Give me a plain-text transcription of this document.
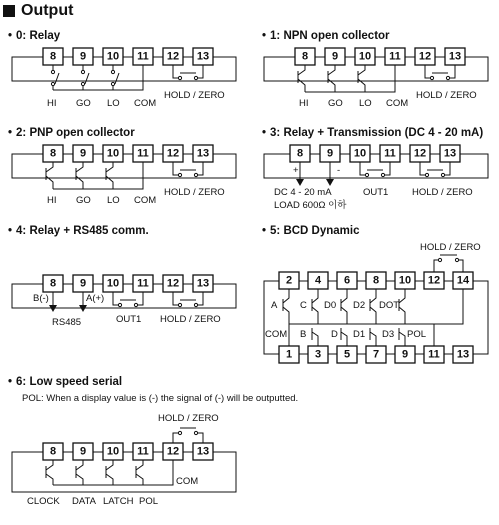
Output
• 0: Relay	• 1: NPN open collector
• 2: PNP open collector	• 3: Relay + Transmission (DC 4 - 20 mA)
• 4: Relay + RS485 comm.	• 5: BCD Dynamic
• 6: Low speed serial
POL: When a display value is (-) the signal of (-) will be outputted.
8 9 10 11 12 13
HI GO LO COM
HOLD / ZERO
8 9 10 11 12 13
HI GO LO COM
HOLD / ZERO
8 9 10 11 12 13
HI GO LO COM
HOLD / ZERO
8 9 10 11 12 13
+	-
DC 4 - 20 mA
LOAD 600Ω 이하
OUT1 HOLD / ZERO
8 9 10 11 12 13
B(-)	A(+)
RS485	OUT1 HOLD / ZERO
2 4 6 8 10 12 14
1 3 5 7 9 11 13
HOLD / ZERO
A C D0 D2 DOT
COM B	D D1 D3 POL
8 9 10 11 12 13
HOLD / ZERO
COM
CLOCK DATA LATCH POL
